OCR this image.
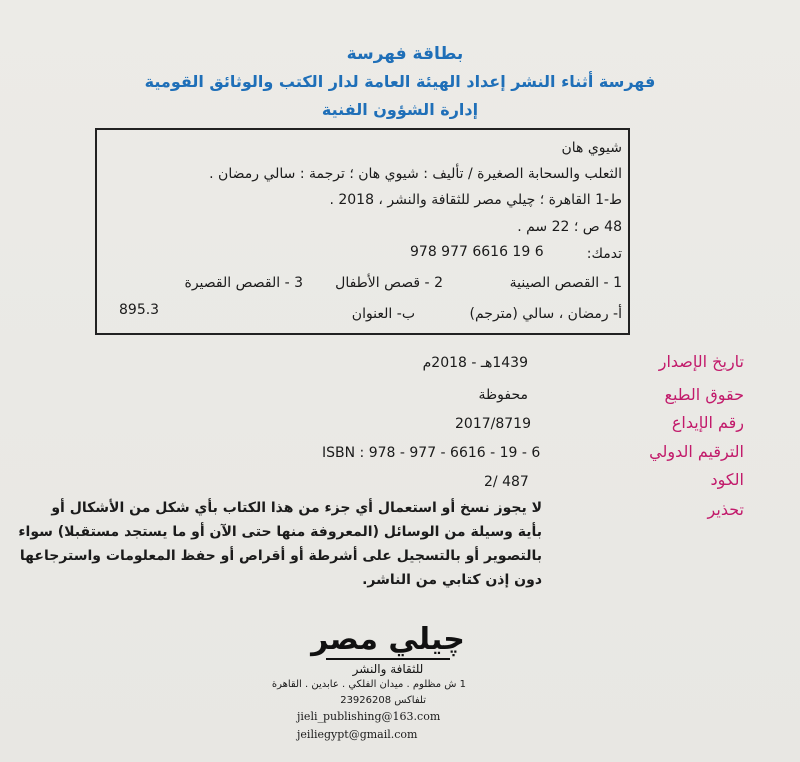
بطاقة فهرسة
فهرسة أثناء النشر إعداد الهيئة العامة لدار الكتب والوثائق القومية
إدارة الشؤون الفنية
شيوي هان
الثعلب والسحابة الصغيرة / تأليف : شيوي هان ؛ ترجمة : سالي رمضان .
ط-1 القاهرة ؛ چيلي مصر للثقافة والنشر ، 2018 .
48 ص ؛ 22 سم .
تدمك:
978 977 6616 19 6
1 - القصص الصينية
2 - قصص الأطفال
3 - القصص القصيرة
895.3	أ- رمضان ، سالي (مترجم)
ب- العنوان
تاريخ الإصدار
1439هـ - 2018م
حقوق الطبع
محفوظة
رقم الإيداع
2017/8719
الترقيم الدولي
ISBN : 978 - 977 - 6616 - 19 - 6
الكود
2/ 487
تحذير
لا يجوز نسخ أو استعمال أي جزء من هذا الكتاب بأي شكل من الأشكال أو
بأية وسيلة من الوسائل (المعروفة منها حتى الآن أو ما يستجد مستقبلا) سواء
بالتصوير أو بالتسجيل على أشرطة أو أقراص أو حفظ المعلومات واسترجاعها
دون إذن كتابي من الناشر.
چيلي مصر
للثقافة والنشر
1 ش مظلوم . ميدان الفلكي . عابدين . القاهرة
تلفاكس 23926208
jieli_publishing@163.com
jeiliegypt@gmail.com
